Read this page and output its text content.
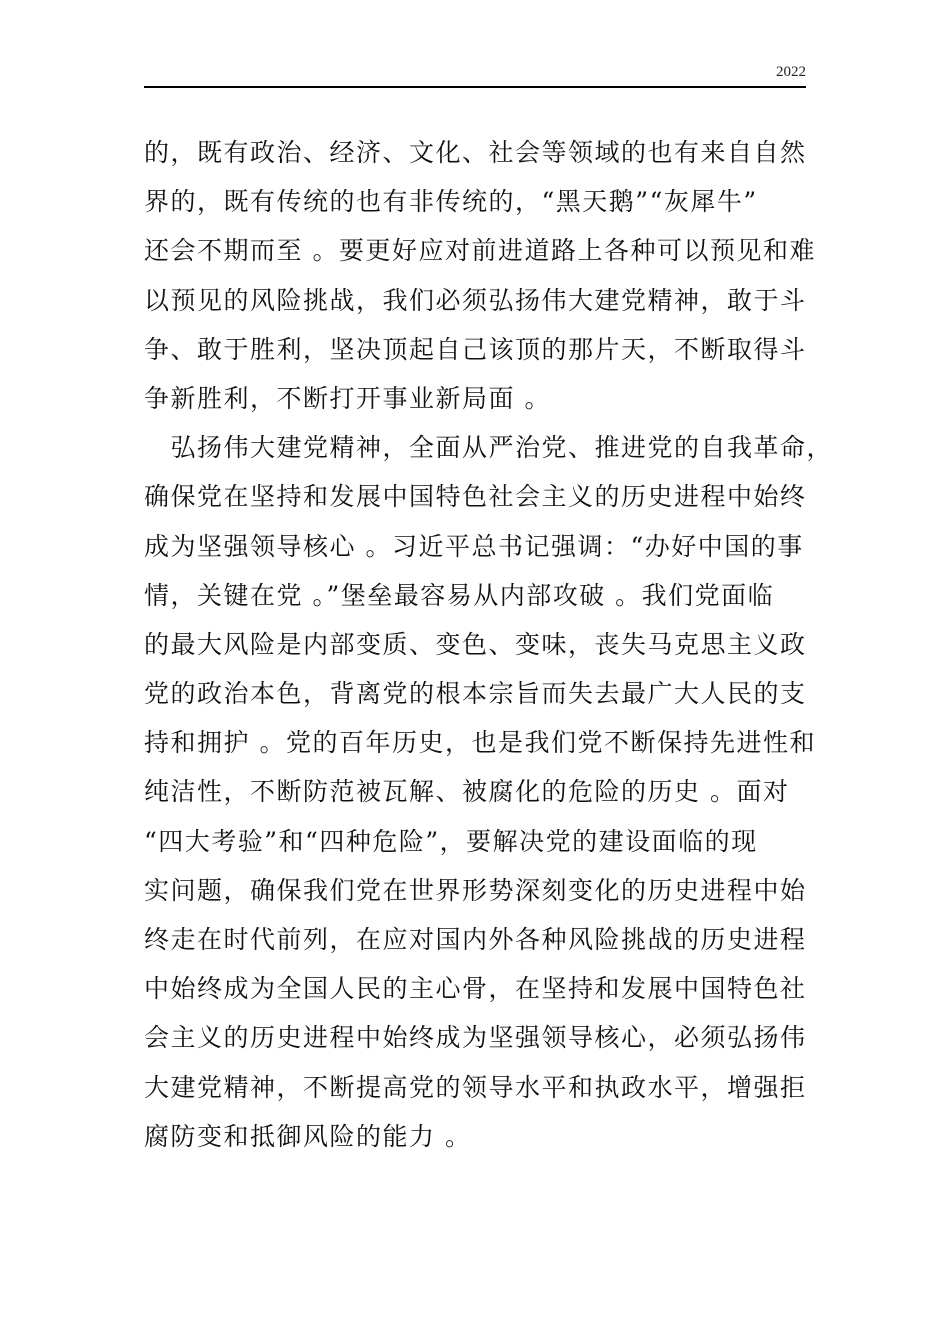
2022
的，既有政治、经济、文化、社会等领域的也有来自自然
界的，既有传统的也有非传统的，“黑天鹅”“灰犀牛”
还会不期而至 。要更好应对前进道路上各种可以预见和难
以预见的风险挑战，我们必须弘扬伟大建党精神，敢于斗
争、敢于胜利，坚决顶起自己该顶的那片天，不断取得斗
争新胜利，不断打开事业新局面 。
　弘扬伟大建党精神，全面从严治党、推进党的自我革命，
确保党在坚持和发展中国特色社会主义的历史进程中始终
成为坚强领导核心 。习近平总书记强调：“办好中国的事
情，关键在党 。”堡垒最容易从内部攻破 。我们党面临
的最大风险是内部变质、变色、变味，丧失马克思主义政
党的政治本色，背离党的根本宗旨而失去最广大人民的支
持和拥护 。党的百年历史，也是我们党不断保持先进性和
纯洁性，不断防范被瓦解、被腐化的危险的历史 。面对
“四大考验”和“四种危险”，要解决党的建设面临的现
实问题，确保我们党在世界形势深刻变化的历史进程中始
终走在时代前列，在应对国内外各种风险挑战的历史进程
中始终成为全国人民的主心骨，在坚持和发展中国特色社
会主义的历史进程中始终成为坚强领导核心，必须弘扬伟
大建党精神，不断提高党的领导水平和执政水平，增强拒
腐防变和抵御风险的能力 。
